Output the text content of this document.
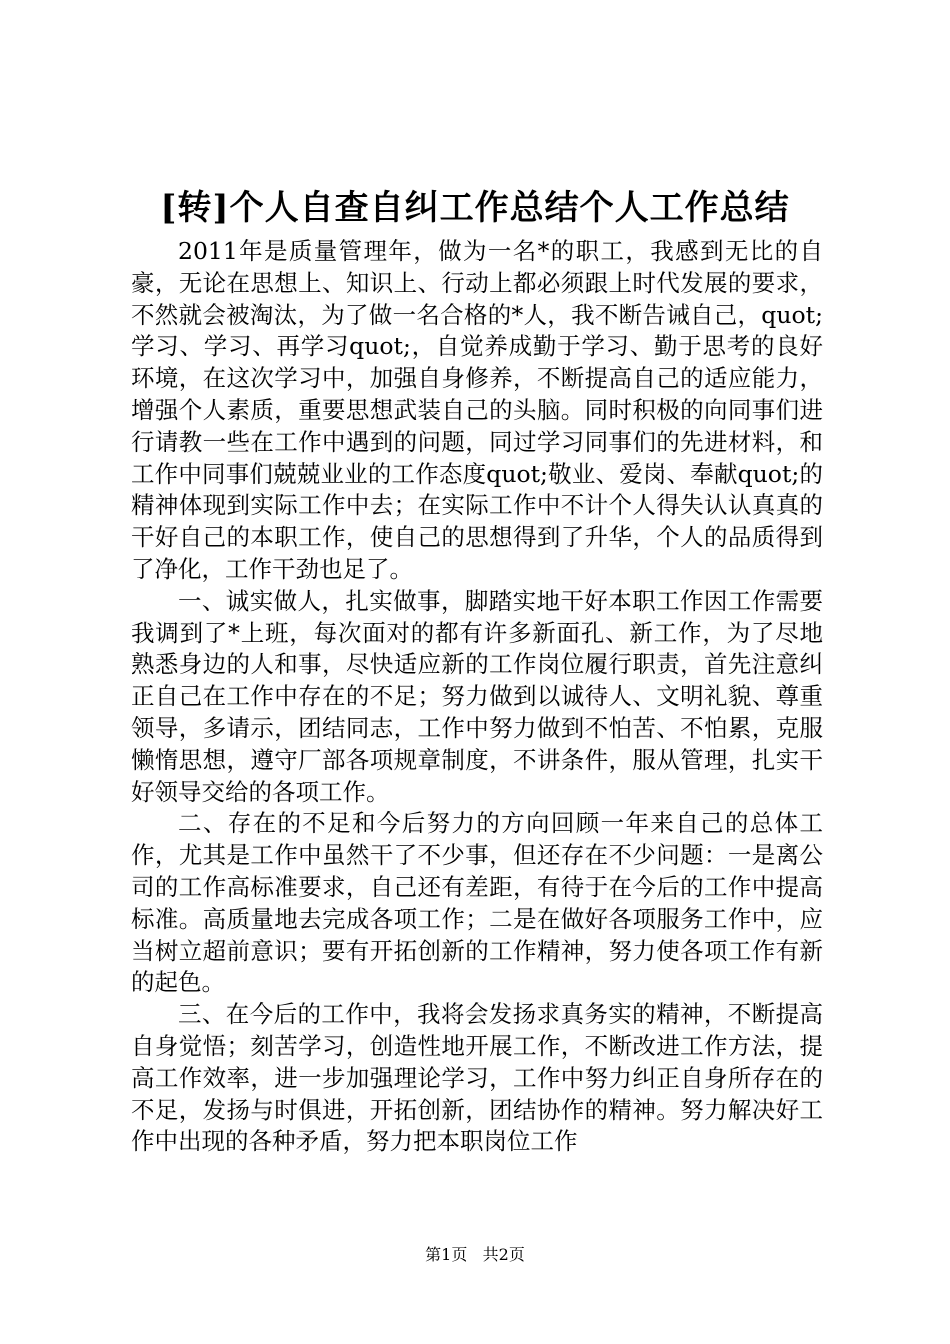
[转]个人自查自纠工作总结个人工作总结

2011年是质量管理年，做为一名*的职工，我感到无比的自豪，无论在思想上、知识上、行动上都必须跟上时代发展的要求，不然就会被淘汰，为了做一名合格的*人，我不断告诫自己，quot;学习、学习、再学习quot;，自觉养成勤于学习、勤于思考的良好环境，在这次学习中，加强自身修养，不断提高自己的适应能力，增强个人素质，重要思想武装自己的头脑。同时积极的向同事们进行请教一些在工作中遇到的问题，同过学习同事们的先进材料，和工作中同事们兢兢业业的工作态度quot;敬业、爱岗、奉献quot;的精神体现到实际工作中去；在实际工作中不计个人得失认认真真的干好自己的本职工作，使自己的思想得到了升华，个人的品质得到了净化，工作干劲也足了。

一、诚实做人，扎实做事，脚踏实地干好本职工作因工作需要我调到了*上班，每次面对的都有许多新面孔、新工作，为了尽地熟悉身边的人和事，尽快适应新的工作岗位履行职责，首先注意纠正自己在工作中存在的不足；努力做到以诚待人、文明礼貌、尊重领导，多请示，团结同志，工作中努力做到不怕苦、不怕累，克服懒惰思想，遵守厂部各项规章制度，不讲条件，服从管理，扎实干好领导交给的各项工作。

二、存在的不足和今后努力的方向回顾一年来自己的总体工作，尤其是工作中虽然干了不少事，但还存在不少问题：一是离公司的工作高标准要求，自己还有差距，有待于在今后的工作中提高标准。高质量地去完成各项工作；二是在做好各项服务工作中，应当树立超前意识；要有开拓创新的工作精神，努力使各项工作有新的起色。

三、在今后的工作中，我将会发扬求真务实的精神，不断提高自身觉悟；刻苦学习，创造性地开展工作，不断改进工作方法，提高工作效率，进一步加强理论学习，工作中努力纠正自身所存在的不足，发扬与时俱进，开拓创新，团结协作的精神。努力解决好工作中出现的各种矛盾，努力把本职岗位工作

第1页 共2页
